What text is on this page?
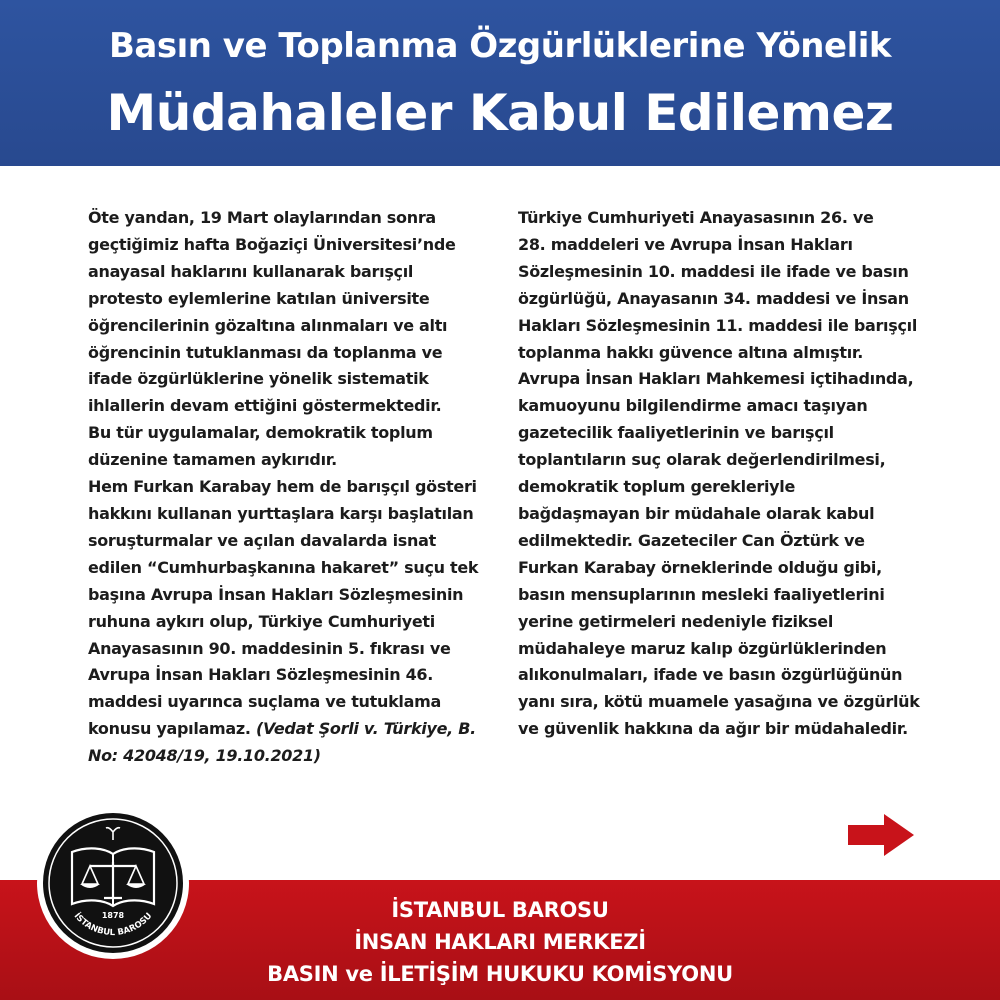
Basın ve Toplanma Özgürlüklerine Yönelik
Müdahaleler Kabul Edilemez

Öte yandan, 19 Mart olaylarından sonra
geçtiğimiz hafta Boğaziçi Üniversitesi’nde
anayasal haklarını kullanarak barışçıl
protesto eylemlerine katılan üniversite
öğrencilerinin gözaltına alınmaları ve altı
öğrencinin tutuklanması da toplanma ve
ifade özgürlüklerine yönelik sistematik
ihlallerin devam ettiğini göstermektedir.
Bu tür uygulamalar, demokratik toplum
düzenine tamamen aykırıdır.
Hem Furkan Karabay hem de barışçıl gösteri
hakkını kullanan yurttaşlara karşı başlatılan
soruşturmalar ve açılan davalarda isnat
edilen “Cumhurbaşkanına hakaret” suçu tek
başına Avrupa İnsan Hakları Sözleşmesinin
ruhuna aykırı olup, Türkiye Cumhuriyeti
Anayasasının 90. maddesinin 5. fıkrası ve
Avrupa İnsan Hakları Sözleşmesinin 46.
maddesi uyarınca suçlama ve tutuklama
konusu yapılamaz. (Vedat Şorli v. Türkiye, B.
No: 42048/19, 19.10.2021)

Türkiye Cumhuriyeti Anayasasının 26. ve
28. maddeleri ve Avrupa İnsan Hakları
Sözleşmesinin 10. maddesi ile ifade ve basın
özgürlüğü, Anayasanın 34. maddesi ve İnsan
Hakları Sözleşmesinin 11. maddesi ile barışçıl
toplanma hakkı güvence altına almıştır.
Avrupa İnsan Hakları Mahkemesi içtihadında,
kamuoyunu bilgilendirme amacı taşıyan
gazetecilik faaliyetlerinin ve barışçıl
toplantıların suç olarak değerlendirilmesi,
demokratik toplum gerekleriyle
bağdaşmayan bir müdahale olarak kabul
edilmektedir. Gazeteciler Can Öztürk ve
Furkan Karabay örneklerinde olduğu gibi,
basın mensuplarının mesleki faaliyetlerini
yerine getirmeleri nedeniyle fiziksel
müdahaleye maruz kalıp özgürlüklerinden
alıkonulmaları, ifade ve basın özgürlüğünün
yanı sıra, kötü muamele yasağına ve özgürlük
ve güvenlik hakkına da ağır bir müdahaledir.

İSTANBUL BAROSU
İNSAN HAKLARI MERKEZİ
BASIN ve İLETİŞİM HUKUKU KOMİSYONU
1878
İSTANBUL BAROSU
